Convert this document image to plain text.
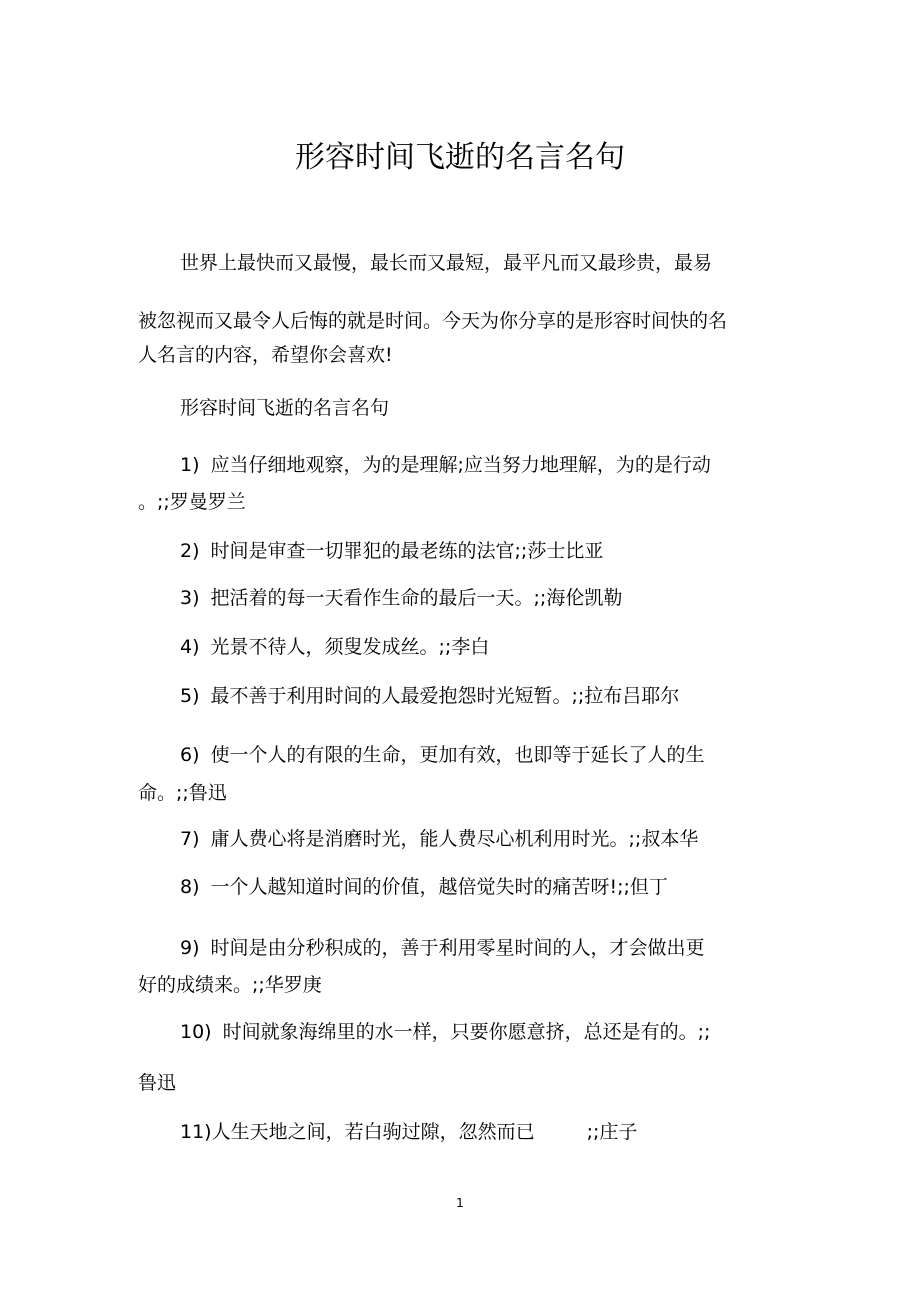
形容时间飞逝的名言名句
世界上最快而又最慢，最长而又最短，最平凡而又最珍贵，最易
被忽视而又最令人后悔的就是时间。今天为你分享的是形容时间快的名
人名言的内容，希望你会喜欢!
形容时间飞逝的名言名句
1) 应当仔细地观察，为的是理解;应当努力地理解，为的是行动
。;;罗曼罗兰
2) 时间是审查一切罪犯的最老练的法官;;莎士比亚
3) 把活着的每一天看作生命的最后一天。;;海伦凯勒
4) 光景不待人，须叟发成丝。;;李白
5) 最不善于利用时间的人最爱抱怨时光短暂。;;拉布吕耶尔
6) 使一个人的有限的生命，更加有效，也即等于延长了人的生
命。;;鲁迅
7) 庸人费心将是消磨时光，能人费尽心机利用时光。;;叔本华
8) 一个人越知道时间的价值，越倍觉失时的痛苦呀!;;但丁
9) 时间是由分秒积成的，善于利用零星时间的人，才会做出更
好的成绩来。;;华罗庚
10) 时间就象海绵里的水一样，只要你愿意挤，总还是有的。;;
鲁迅
11)人生天地之间，若白驹过隙，忽然而已	;;庄子
1
